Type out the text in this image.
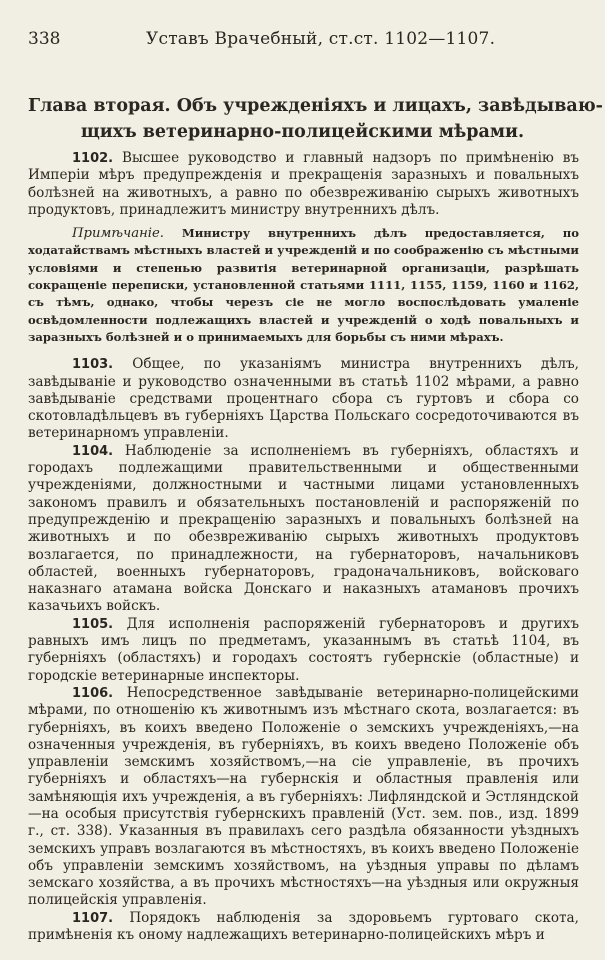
338	Уставъ Врачебный, ст.ст. 1102—1107.
Глава вторая. Объ учрежденіяхъ и лицахъ, завѣдываю-
щихъ ветеринарно-полицейскими мѣрами.

1102. Высшее руководство и главный надзоръ по примѣненію въ Имперіи мѣръ предупрежденія и прекращенія заразныхъ и повальныхъ болѣзней на животныхъ, а равно по обезвреживанію сырыхъ животныхъ продуктовъ, принадлежитъ министру внутреннихъ дѣлъ.

Примѣчаніе. Министру внутреннихъ дѣлъ предоставляется, по ходатайствамъ мѣстныхъ властей и учрежденій и по соображенію съ мѣстными условіями и степенью развитія ветеринарной организаціи, разрѣшать сокращеніе переписки, установленной статьями 1111, 1155, 1159, 1160 и 1162, съ тѣмъ, однако, чтобы черезъ сіе не могло воспослѣдовать умаленіе освѣдомленности подлежащихъ властей и учрежденій о ходѣ повальныхъ и заразныхъ болѣзней и о принимаемыхъ для борьбы съ ними мѣрахъ.

1103. Общее, по указаніямъ министра внутреннихъ дѣлъ, завѣдываніе и руководство означенными въ статьѣ 1102 мѣрами, а равно завѣдываніе средствами процентнаго сбора съ гуртовъ и сбора со скотовладѣльцевъ въ губерніяхъ Царства Польскаго сосредоточиваются въ ветеринарномъ управленіи.

1104. Наблюденіе за исполненіемъ въ губерніяхъ, областяхъ и городахъ подлежащими правительственными и общественными учрежденіями, должностными и частными лицами установленныхъ закономъ правилъ и обязательныхъ постановленій и распоряженій по предупрежденію и прекращенію заразныхъ и повальныхъ болѣзней на животныхъ и по обезвреживанію сырыхъ животныхъ продуктовъ возлагается, по принадлежности, на губернаторовъ, начальниковъ областей, военныхъ губернаторовъ, градоначальниковъ, войсковаго наказнаго атамана войска Донскаго и наказныхъ атамановъ прочихъ казачьихъ войскъ.

1105. Для исполненія распоряженій губернаторовъ и другихъ равныхъ имъ лицъ по предметамъ, указаннымъ въ статьѣ 1104, въ губерніяхъ (областяхъ) и городахъ состоятъ губернскіе (областные) и городскіе ветеринарные инспекторы.

1106. Непосредственное завѣдываніе ветеринарно-полицейскими мѣрами, по отношенію къ животнымъ изъ мѣстнаго скота, возлагается: въ губерніяхъ, въ коихъ введено Положеніе о земскихъ учрежденіяхъ,—на означенныя учрежденія, въ губерніяхъ, въ коихъ введено Положеніе объ управленіи земскимъ хозяйствомъ,—на сіе управленіе, въ прочихъ губерніяхъ и областяхъ—на губернскія и областныя правленія или замѣняющія ихъ учрежденія, а въ губерніяхъ: Лифляндской и Эстляндской—на особыя присутствія губернскихъ правленій (Уст. зем. пов., изд. 1899 г., ст. 338). Указанныя въ правилахъ сего раздѣла обязанности уѣздныхъ земскихъ управъ возлагаются въ мѣстностяхъ, въ коихъ введено Положеніе объ управленіи земскимъ хозяйствомъ, на уѣздныя управы по дѣламъ земскаго хозяйства, а въ прочихъ мѣстностяхъ—на уѣздныя или окружныя полицейскія управленія.

1107. Порядокъ наблюденія за здоровьемъ гуртоваго скота, примѣненія къ оному надлежащихъ ветеринарно-полицейскихъ мѣръ и
